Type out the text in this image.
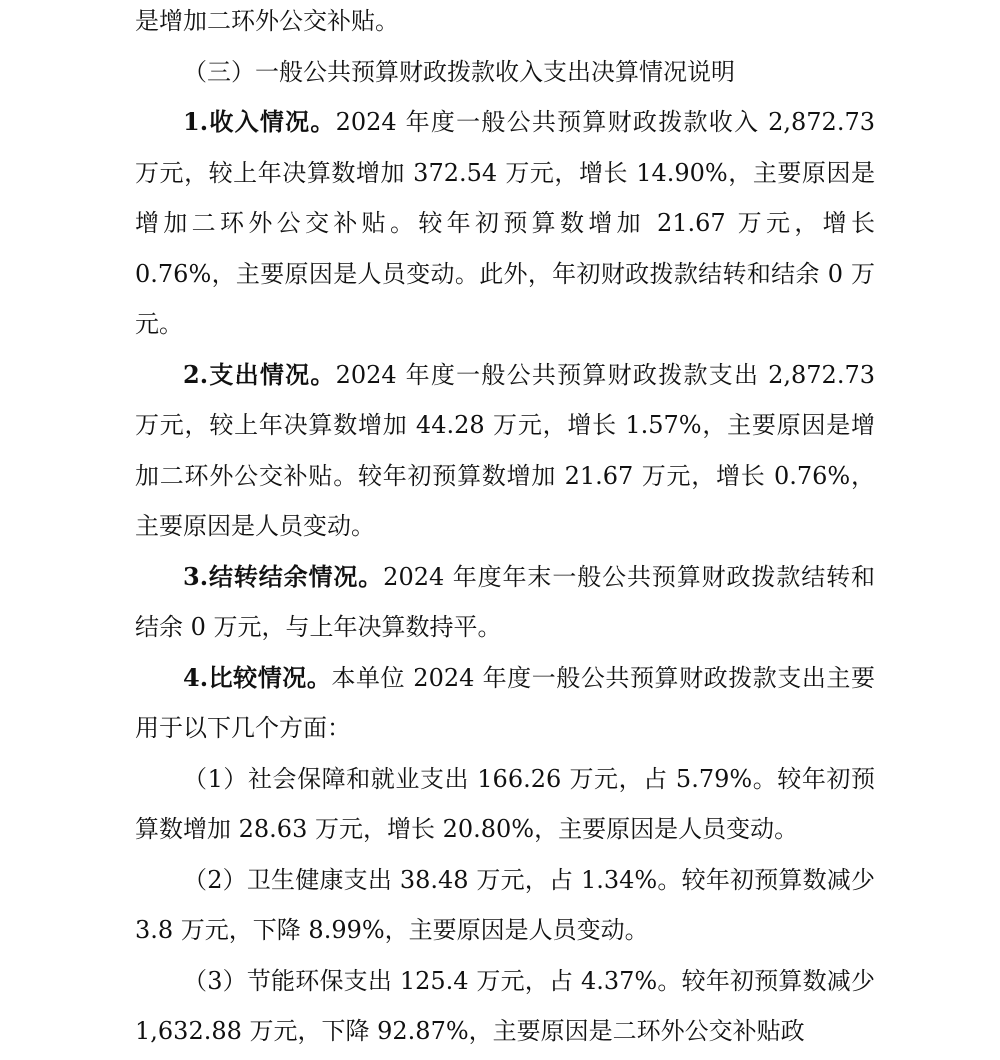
是增加二环外公交补贴。

（三）一般公共预算财政拨款收入支出决算情况说明

1.收入情况。2024 年度一般公共预算财政拨款收入 2,872.73 万元，较上年决算数增加 372.54 万元，增长 14.90%，主要原因是增加二环外公交补贴。较年初预算数增加 21.67 万元，增长 0.76%，主要原因是人员变动。此外，年初财政拨款结转和结余 0 万元。

2.支出情况。2024 年度一般公共预算财政拨款支出 2,872.73 万元，较上年决算数增加 44.28 万元，增长 1.57%，主要原因是增加二环外公交补贴。较年初预算数增加 21.67 万元，增长 0.76%，主要原因是人员变动。

3.结转结余情况。2024 年度年末一般公共预算财政拨款结转和结余 0 万元，与上年决算数持平。

4.比较情况。本单位 2024 年度一般公共预算财政拨款支出主要用于以下几个方面：

（1）社会保障和就业支出 166.26 万元，占 5.79%。较年初预算数增加 28.63 万元，增长 20.80%，主要原因是人员变动。

（2）卫生健康支出 38.48 万元，占 1.34%。较年初预算数减少 3.8 万元，下降 8.99%，主要原因是人员变动。

（3）节能环保支出 125.4 万元，占 4.37%。较年初预算数减少 1,632.88 万元，下降 92.87%，主要原因是二环外公交补贴政
